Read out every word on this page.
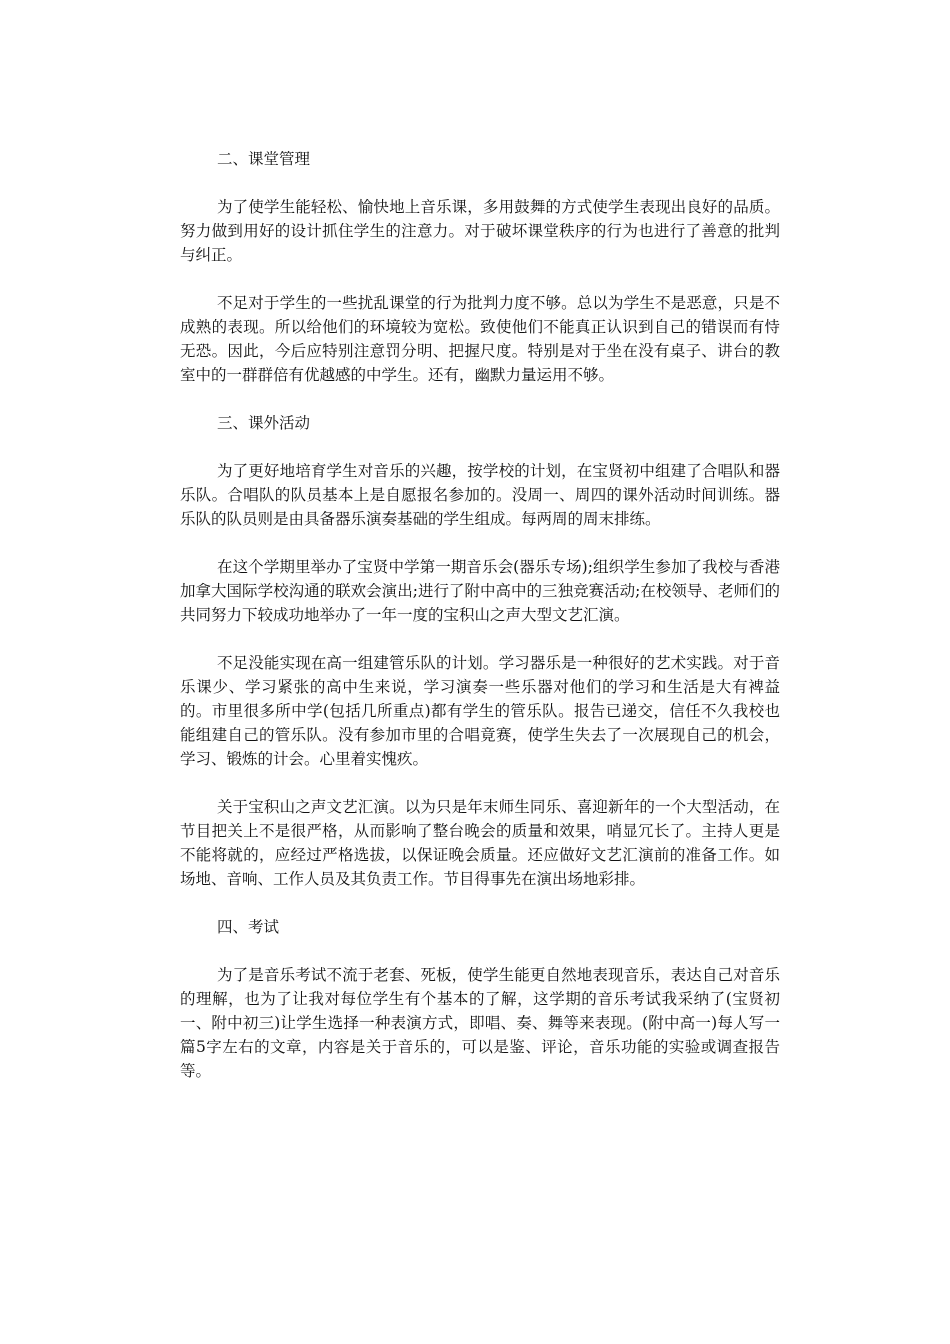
二、课堂管理

为了使学生能轻松、愉快地上音乐课，多用鼓舞的方式使学生表现出良好的品质。努力做到用好的设计抓住学生的注意力。对于破坏课堂秩序的行为也进行了善意的批判与纠正。

不足对于学生的一些扰乱课堂的行为批判力度不够。总以为学生不是恶意，只是不成熟的表现。所以给他们的环境较为宽松。致使他们不能真正认识到自己的错误而有恃无恐。因此，今后应特别注意罚分明、把握尺度。特别是对于坐在没有桌子、讲台的教室中的一群群倍有优越感的中学生。还有，幽默力量运用不够。

三、课外活动

为了更好地培育学生对音乐的兴趣，按学校的计划，在宝贤初中组建了合唱队和器乐队。合唱队的队员基本上是自愿报名参加的。没周一、周四的课外活动时间训练。器乐队的队员则是由具备器乐演奏基础的学生组成。每两周的周末排练。

在这个学期里举办了宝贤中学第一期音乐会(器乐专场);组织学生参加了我校与香港加拿大国际学校沟通的联欢会演出;进行了附中高中的三独竞赛活动;在校领导、老师们的共同努力下较成功地举办了一年一度的宝积山之声大型文艺汇演。

不足没能实现在高一组建管乐队的计划。学习器乐是一种很好的艺术实践。对于音乐课少、学习紧张的高中生来说，学习演奏一些乐器对他们的学习和生活是大有裨益的。市里很多所中学(包括几所重点)都有学生的管乐队。报告已递交，信任不久我校也能组建自己的管乐队。没有参加市里的合唱竟赛，使学生失去了一次展现自己的机会，学习、锻炼的计会。心里着实愧疚。

关于宝积山之声文艺汇演。以为只是年末师生同乐、喜迎新年的一个大型活动，在节目把关上不是很严格，从而影响了整台晚会的质量和效果，哨显冗长了。主持人更是不能将就的，应经过严格选拔，以保证晚会质量。还应做好文艺汇演前的准备工作。如场地、音响、工作人员及其负责工作。节目得事先在演出场地彩排。

四、考试

为了是音乐考试不流于老套、死板，使学生能更自然地表现音乐，表达自己对音乐的理解，也为了让我对每位学生有个基本的了解，这学期的音乐考试我采纳了(宝贤初一、附中初三)让学生选择一种表演方式，即唱、奏、舞等来表现。(附中高一)每人写一篇5字左右的文章，内容是关于音乐的，可以是鉴、评论，音乐功能的实验或调查报告等。
